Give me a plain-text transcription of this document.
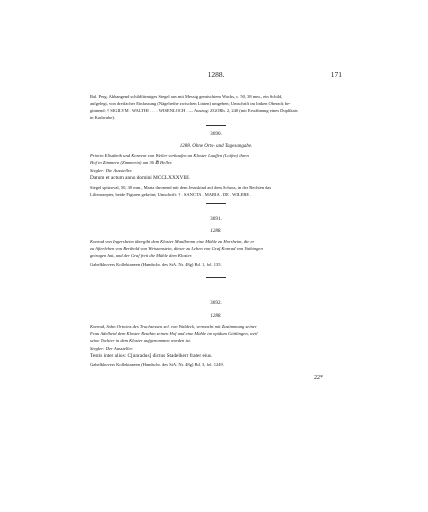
1288.	171
Bal. Perg. Abhangend schildfürmiges Siegel aus mit Messig gemischtem Wachs, c. 50, 38 mm., ein Schild,
aufgelegt, von dreifacher Einfassung (Nägelreihe zwischen Linien) umgeben; Umschrift im linken Oberack be-
ginnend: † SIGILVM . WALTHI . . . . WISENLOCH . — Auszug: ZGORh. 2, 240 (mit Erwähnung eines Duplikats
in Karlsruhe).
3690.
1288. Ohne Orts- und Tagesangabe.
Priorin Elisabeth und Konvent von Weiler verkaufen an Kloster Lauffen (Loifen) ihren
Hof in Zimmern (Zimmerin) um 36 ℔ Heller.
Siegler: Die Aussteller.
Datum et actum anno domini MCCLXXXVIII.
Siegel spitzoval, 50, 30 mm., Maria thronend mit dem Jesuskind auf dem Schoss, in der Rechten das
Lilienszepter, beide Figuren gekrönt; Umschrift: † . SANCTA . MARIA . DE . WILERE .
3691.
1288.
Konrad von Ingersheim übergibt dem Kloster Maulbronn eine Mühle zu Horrheim, die er
zu Afterlehen von Berthold von Weissenstein, dieser zu Lehen von Graf Konrad von Vaihingen
getragen hat, und der Graf freit die Mühle dem Kloster.
Gabelkhovers Kollektaneen (Handschr. des StA. Nr. 48g) Bd. 1, fol. 135.
3692.
1288.
Konrad, Sohn Ortwins des Truchsessen sel. von Waldeck, vermacht mit Zustimmung seiner
Frau Adelheid dem Kloster Reuthin seinen Hof und eine Mühle im opidum Göttlingen, weil
seine Tochter in dem Kloster aufgenommen worden ist.
Siegler: Der Aussteller.
Testis inter alios: C[unradus] dictus Stadelherr frater eius.
Gabelkhovers Kollektaneen (Handschr. des StA. Nr. 48g) Bd. 3, fol. 1249.
22*
